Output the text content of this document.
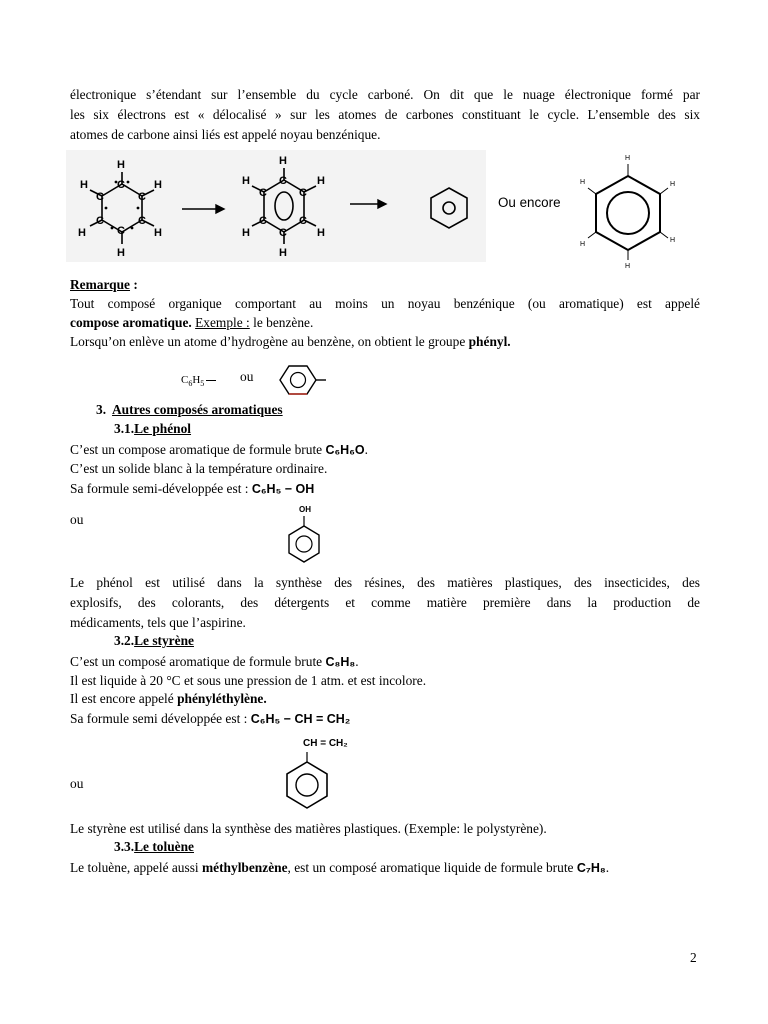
électronique s’étendant sur l’ensemble du cycle carboné. On dit que le nuage électronique formé par
les six électrons est « délocalisé » sur les atomes de carbones constituant le cycle. L’ensemble des six
atomes de carbone ainsi liés est appelé noyau benzénique.
H
C
H
C	C
H
C	C
H	H
C
H
H
H	H
H	H
H
C
C	C
C	C
C
Ou encore
H
H	H
H
H
H
Remarque :
Tout composé organique comportant au moins un noyau benzénique (ou aromatique) est appelé
compose aromatique. Exemple : le benzène.
Lorsqu’on enlève un atome d’hydrogène au benzène, on obtient le groupe phényl.
$C_6H_5$	ou
3. Autres composés aromatiques
3.1.Le phénol
C’est un compose aromatique de formule brute C₆H₆O.
C’est un solide blanc à la température ordinaire.
Sa formule semi-développée est : C₆H₅ − OH
ou
OH
Le phénol est utilisé dans la synthèse des résines, des matières plastiques, des insecticides, des
explosifs, des colorants, des détergents et comme matière première dans la production de
médicaments, tels que l’aspirine.
3.2.Le styrène
C’est un composé aromatique de formule brute C₈H₈.
Il est liquide à 20 °C et sous une pression de 1 atm. et est incolore.
Il est encore appelé phényléthylène.
Sa formule semi développée est : C₆H₅ − CH = CH₂
CH = CH₂
ou
Le styrène est utilisé dans la synthèse des matières plastiques. (Exemple: le polystyrène).
3.3.Le toluène
Le toluène, appelé aussi méthylbenzène, est un composé aromatique liquide de formule brute C₇H₈.
2
